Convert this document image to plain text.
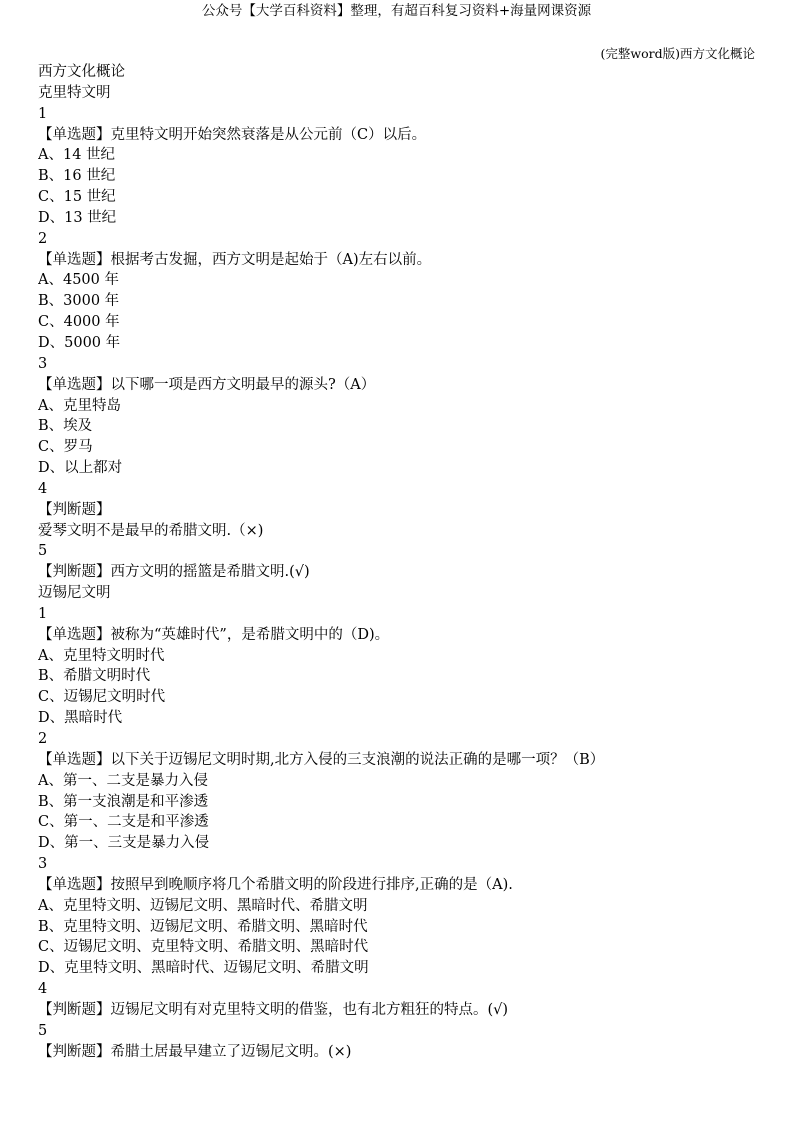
公众号【大学百科资料】整理，有超百科复习资料+海量网课资源
(完整word版)西方文化概论
西方文化概论
克里特文明
1
【单选题】克里特文明开始突然衰落是从公元前（C）以后。
A、14 世纪
B、16 世纪
C、15 世纪
D、13 世纪
2
【单选题】根据考古发掘，西方文明是起始于（A)左右以前。
A、4500 年
B、3000 年
C、4000 年
D、5000 年
3
【单选题】以下哪一项是西方文明最早的源头?（A）
A、克里特岛
B、埃及
C、罗马
D、以上都对
4
【判断题】
爱琴文明不是最早的希腊文明.（×)
5
【判断题】西方文明的摇篮是希腊文明.(√)
迈锡尼文明
1
【单选题】被称为“英雄时代”，是希腊文明中的（D)。
A、克里特文明时代
B、希腊文明时代
C、迈锡尼文明时代
D、黑暗时代
2
【单选题】以下关于迈锡尼文明时期,北方入侵的三支浪潮的说法正确的是哪一项？（B）
A、第一、二支是暴力入侵
B、第一支浪潮是和平渗透
C、第一、二支是和平渗透
D、第一、三支是暴力入侵
3
【单选题】按照早到晚顺序将几个希腊文明的阶段进行排序,正确的是（A).
A、克里特文明、迈锡尼文明、黑暗时代、希腊文明
B、克里特文明、迈锡尼文明、希腊文明、黑暗时代
C、迈锡尼文明、克里特文明、希腊文明、黑暗时代
D、克里特文明、黑暗时代、迈锡尼文明、希腊文明
4
【判断题】迈锡尼文明有对克里特文明的借鉴，也有北方粗狂的特点。(√)
5
【判断题】希腊土居最早建立了迈锡尼文明。(×)
